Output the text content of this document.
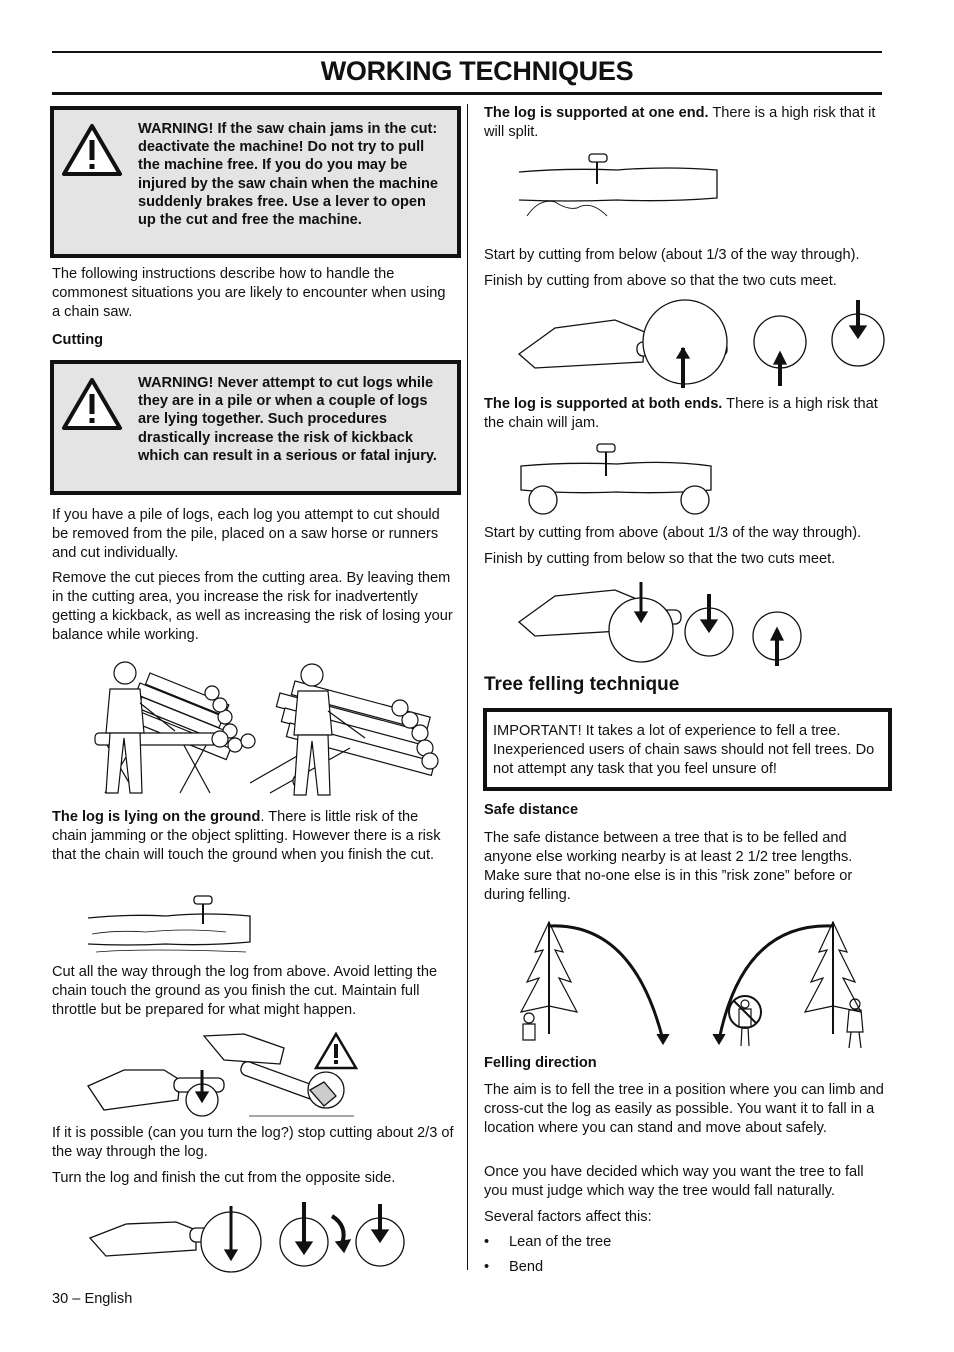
WORKING TECHNIQUES
WARNING! If the saw chain jams in the cut: deactivate the machine! Do not try to pull the machine free. If you do you may be injured by the saw chain when the machine suddenly brakes free. Use a lever to open up the cut and free the machine.
The following instructions describe how to handle the commonest situations you are likely to encounter when using a chain saw.
Cutting
WARNING! Never attempt to cut logs while they are in a pile or when a couple of logs are lying together. Such procedures drastically increase the risk of kickback which can result in a serious or fatal injury.
If you have a pile of logs, each log you attempt to cut should be removed from the pile, placed on a saw horse or runners and cut individually.
Remove the cut pieces from the cutting area. By leaving them in the cutting area, you increase the risk for inadvertently getting a kickback, as well as increasing the risk of losing your balance while working.
The log is lying on the ground. There is little risk of the chain jamming or the object splitting. However there is a risk that the chain will touch the ground when you finish the cut.
Cut all the way through the log from above. Avoid letting the chain touch the ground as you finish the cut. Maintain full throttle but be prepared for what might happen.
If it is possible (can you turn the log?) stop cutting about 2/3 of the way through the log.
Turn the log and finish the cut from the opposite side.
30 – English
The log is supported at one end. There is a high risk that it will split.
Start by cutting from below (about 1/3 of the way through).
Finish by cutting from above so that the two cuts meet.
The log is supported at both ends. There is a high risk that the chain will jam.
Start by cutting from above (about 1/3 of the way through).
Finish by cutting from below so that the two cuts meet.
Tree felling technique
IMPORTANT! It takes a lot of experience to fell a tree. Inexperienced users of chain saws should not fell trees. Do not attempt any task that you feel unsure of!
Safe distance
The safe distance between a tree that is to be felled and anyone else working nearby is at least 2 1/2 tree lengths. Make sure that no-one else is in this ”risk zone” before or during felling.
Felling direction
The aim is to fell the tree in a position where you can limb and cross-cut the log as easily as possible. You want it to fall in a location where you can stand and move about safely.
Once you have decided which way you want the tree to fall you must judge which way the tree would fall naturally.
Several factors affect this:
• Lean of the tree
• Bend
